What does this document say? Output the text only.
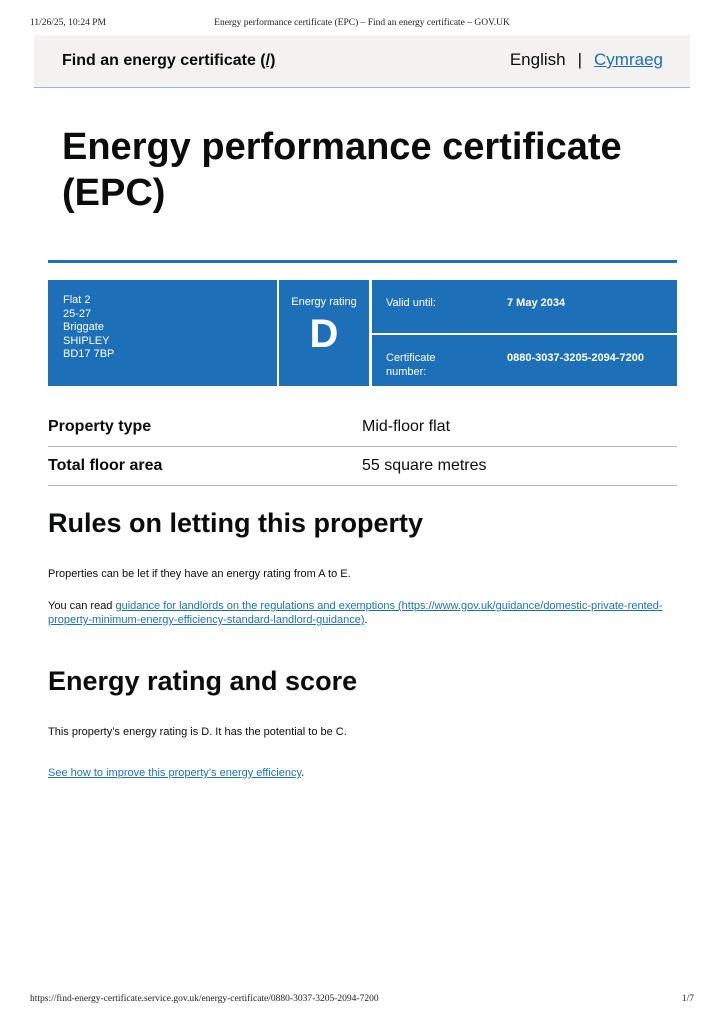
11/26/25, 10:24 PM	Energy performance certificate (EPC) – Find an energy certificate – GOV.UK
Find an energy certificate (/)	English | Cymraeg
Energy performance certificate (EPC)
Flat 2
25-27
Briggate
SHIPLEY
BD17 7BP
Energy rating
D
Valid until:	7 May 2034
Certificate number:
0880-3037-3205-2094-7200
Property type	Mid-floor flat
Total floor area	55 square metres
Rules on letting this property

Properties can be let if they have an energy rating from A to E.

You can read guidance for landlords on the regulations and exemptions (https://www.gov.uk/guidance/domestic-private-rented-property-minimum-energy-efficiency-standard-landlord-guidance).

Energy rating and score

This property’s energy rating is D. It has the potential to be C.

See how to improve this property’s energy efficiency.

https://find-energy-certificate.service.gov.uk/energy-certificate/0880-3037-3205-2094-7200	1/7
